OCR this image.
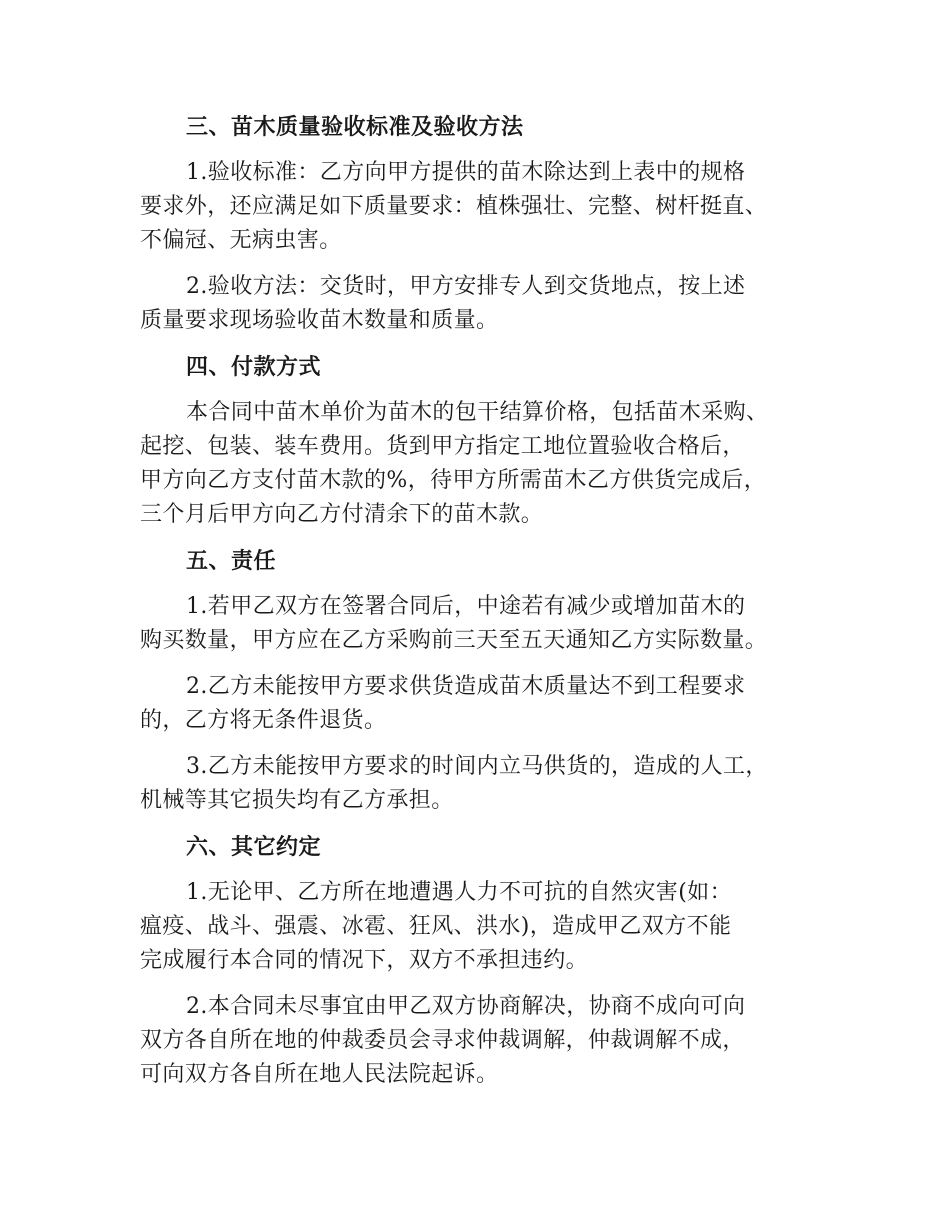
三、苗木质量验收标准及验收方法

1.验收标准：乙方向甲方提供的苗木除达到上表中的规格
要求外，还应满足如下质量要求：植株强壮、完整、树杆挺直、
不偏冠、无病虫害。

2.验收方法：交货时，甲方安排专人到交货地点，按上述
质量要求现场验收苗木数量和质量。

四、付款方式

本合同中苗木单价为苗木的包干结算价格，包括苗木采购、
起挖、包装、装车费用。货到甲方指定工地位置验收合格后，
甲方向乙方支付苗木款的%，待甲方所需苗木乙方供货完成后，
三个月后甲方向乙方付清余下的苗木款。

五、责任

1.若甲乙双方在签署合同后，中途若有减少或增加苗木的
购买数量，甲方应在乙方采购前三天至五天通知乙方实际数量。

2.乙方未能按甲方要求供货造成苗木质量达不到工程要求
的，乙方将无条件退货。

3.乙方未能按甲方要求的时间内立马供货的，造成的人工，
机械等其它损失均有乙方承担。

六、其它约定

1.无论甲、乙方所在地遭遇人力不可抗的自然灾害(如：
瘟疫、战斗、强震、冰雹、狂风、洪水)，造成甲乙双方不能
完成履行本合同的情况下，双方不承担违约。

2.本合同未尽事宜由甲乙双方协商解决，协商不成向可向
双方各自所在地的仲裁委员会寻求仲裁调解，仲裁调解不成，
可向双方各自所在地人民法院起诉。
